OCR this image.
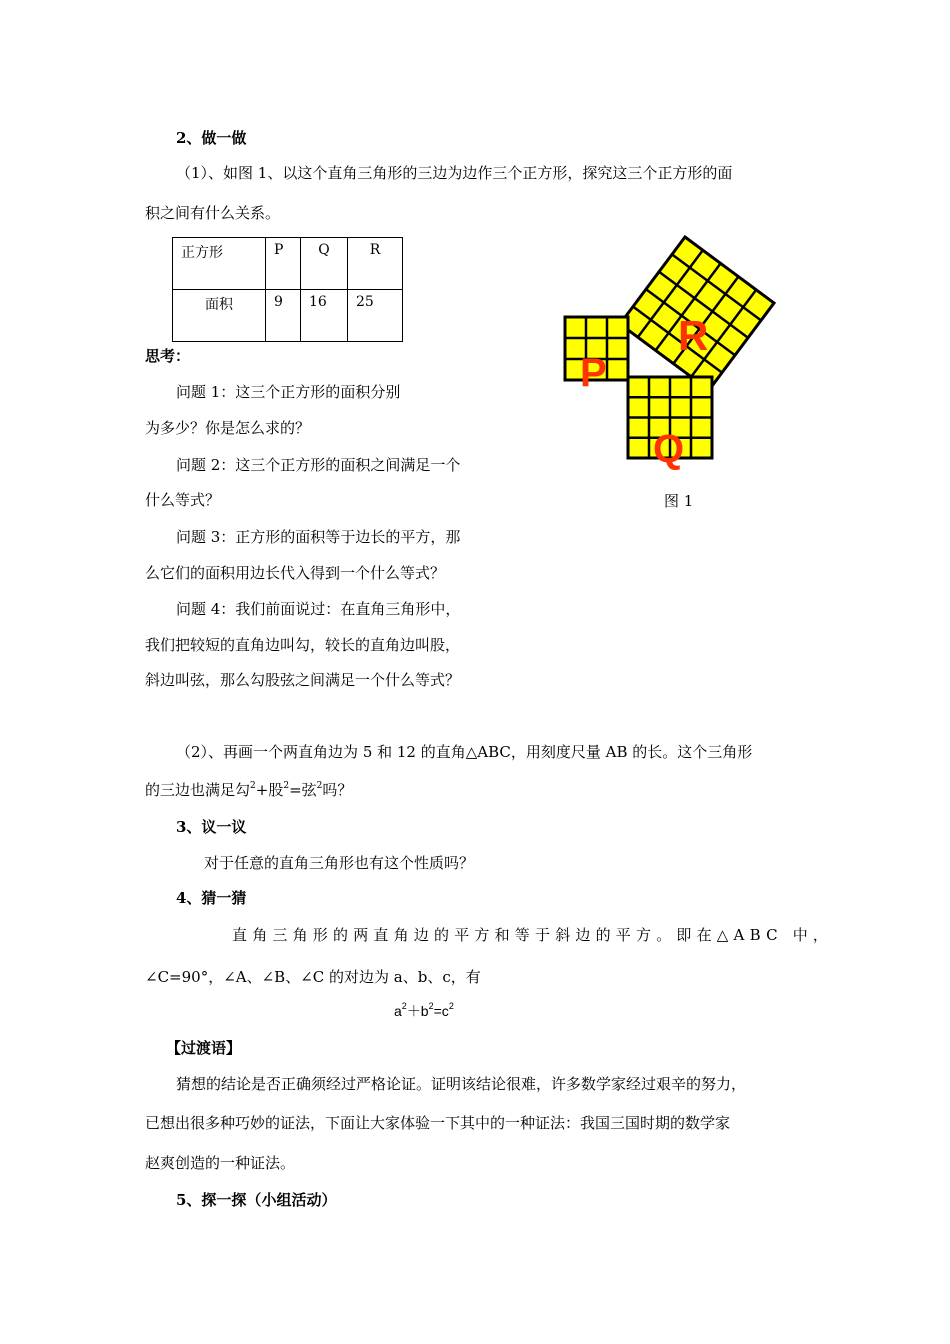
2、做一做
（1）、如图 1、以这个直角三角形的三边为边作三个正方形，探究这三个正方形的面
积之间有什么关系。
正方形	P	Q	R
面积	9	16	25
P
Q
R
图 1
思考：
问题 1：这三个正方形的面积分别
为多少？你是怎么求的？
问题 2：这三个正方形的面积之间满足一个
什么等式？
问题 3：正方形的面积等于边长的平方，那
么它们的面积用边长代入得到一个什么等式？
问题 4：我们前面说过：在直角三角形中，
我们把较短的直角边叫勾，较长的直角边叫股，
斜边叫弦，那么勾股弦之间满足一个什么等式？
（2）、再画一个两直角边为 5 和 12 的直角△ABC，用刻度尺量 AB 的长。这个三角形
的三边也满足勾$^2$+股$^2$=弦$^2$吗？
3、议一议
对于任意的直角三角形也有这个性质吗？
4、猜一猜
直角三角形的两直角边的平方和等于斜边的平方。即在△ABC 中，
∠C=90°，∠A、∠B、∠C 的对边为 a、b、c，有
$a^2+b^2=c^2$
【过渡语】
猜想的结论是否正确须经过严格论证。证明该结论很难，许多数学家经过艰辛的努力，
已想出很多种巧妙的证法，下面让大家体验一下其中的一种证法：我国三国时期的数学家
赵爽创造的一种证法。
5、探一探（小组活动）
